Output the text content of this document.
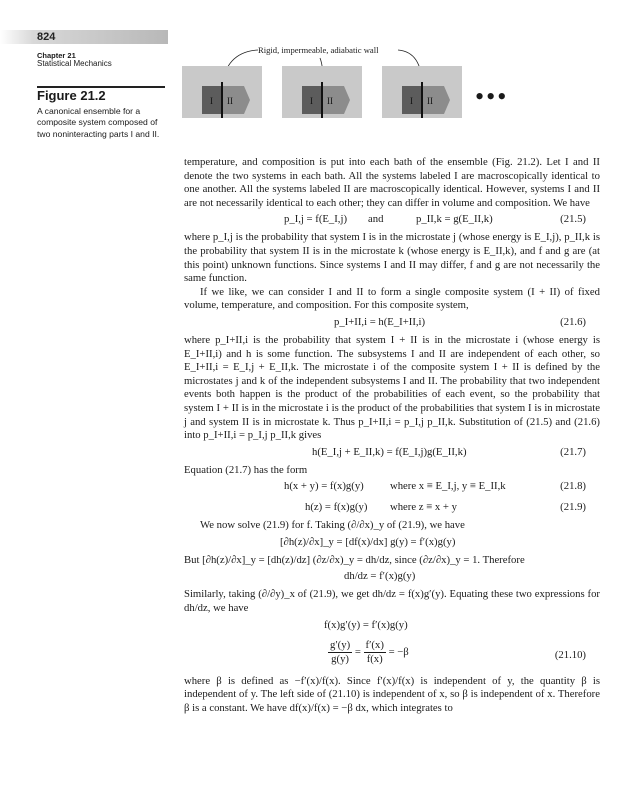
824
Chapter 21
Statistical Mechanics
Figure 21.2
A canonical ensemble for a composite system composed of two noninteracting parts I and II.
Rigid, impermeable, adiabatic wall
I II	I II	I II •••

temperature, and composition is put into each bath of the ensemble (Fig. 21.2). Let I and II denote the two systems in each bath. All the systems labeled I are macroscopically identical to one another. All the systems labeled II are macroscopically identical. However, systems I and II are not necessarily identical to each other; they can differ in volume and composition. We have

p_I,j = f(E_I,j) and	p_II,k = g(E_II,k)	(21.5)

where p_I,j is the probability that system I is in the microstate j (whose energy is E_I,j), p_II,k is the probability that system II is in the microstate k (whose energy is E_II,k), and f and g are (at this point) unknown functions. Since systems I and II may differ, f and g are not necessarily the same function.

If we like, we can consider I and II to form a single composite system (I + II) of fixed volume, temperature, and composition. For this composite system,

p_I+II,i = h(E_I+II,i)	(21.6)

where p_I+II,i is the probability that system I + II is in the microstate i (whose energy is E_I+II,i) and h is some function. The subsystems I and II are independent of each other, so E_I+II,i = E_I,j + E_II,k. The microstate i of the composite system I + II is defined by the microstates j and k of the independent subsystems I and II. The probability that two independent events both happen is the product of the probabilities of each event, so the probability that system I + II is in the microstate i is the product of the probabilities that system I is in microstate j and system II is in microstate k. Thus p_I+II,i = p_I,j p_II,k. Substitution of (21.5) and (21.6) into p_I+II,i = p_I,j p_II,k gives

h(E_I,j + E_II,k) = f(E_I,j)g(E_II,k)	(21.7)

Equation (21.7) has the form

h(x + y) = f(x)g(y) where x ≡ E_I,j, y ≡ E_II,k	(21.8)
h(z) = f(x)g(y) where z ≡ x + y	(21.9)

We now solve (21.9) for f. Taking (∂/∂x)_y of (21.9), we have

[∂h(z)/∂x]_y = [df(x)/dx] g(y) = f′(x)g(y)

But [∂h(z)/∂x]_y = [dh(z)/dz] (∂z/∂x)_y = dh/dz, since (∂z/∂x)_y = 1. Therefore

dh/dz = f′(x)g(y)

Similarly, taking (∂/∂y)_x of (21.9), we get dh/dz = f(x)g′(y). Equating these two expressions for dh/dz, we have

f(x)g′(y) = f′(x)g(y)
$\frac{g'(y)}{g(y)} = \frac{f'(x)}{f(x)} = -\beta$	(21.10)

where β is defined as −f′(x)/f(x). Since f′(x)/f(x) is independent of y, the quantity β is independent of y. The left side of (21.10) is independent of x, so β is independent of x. Therefore β is a constant. We have df(x)/f(x) = −β dx, which integrates to
